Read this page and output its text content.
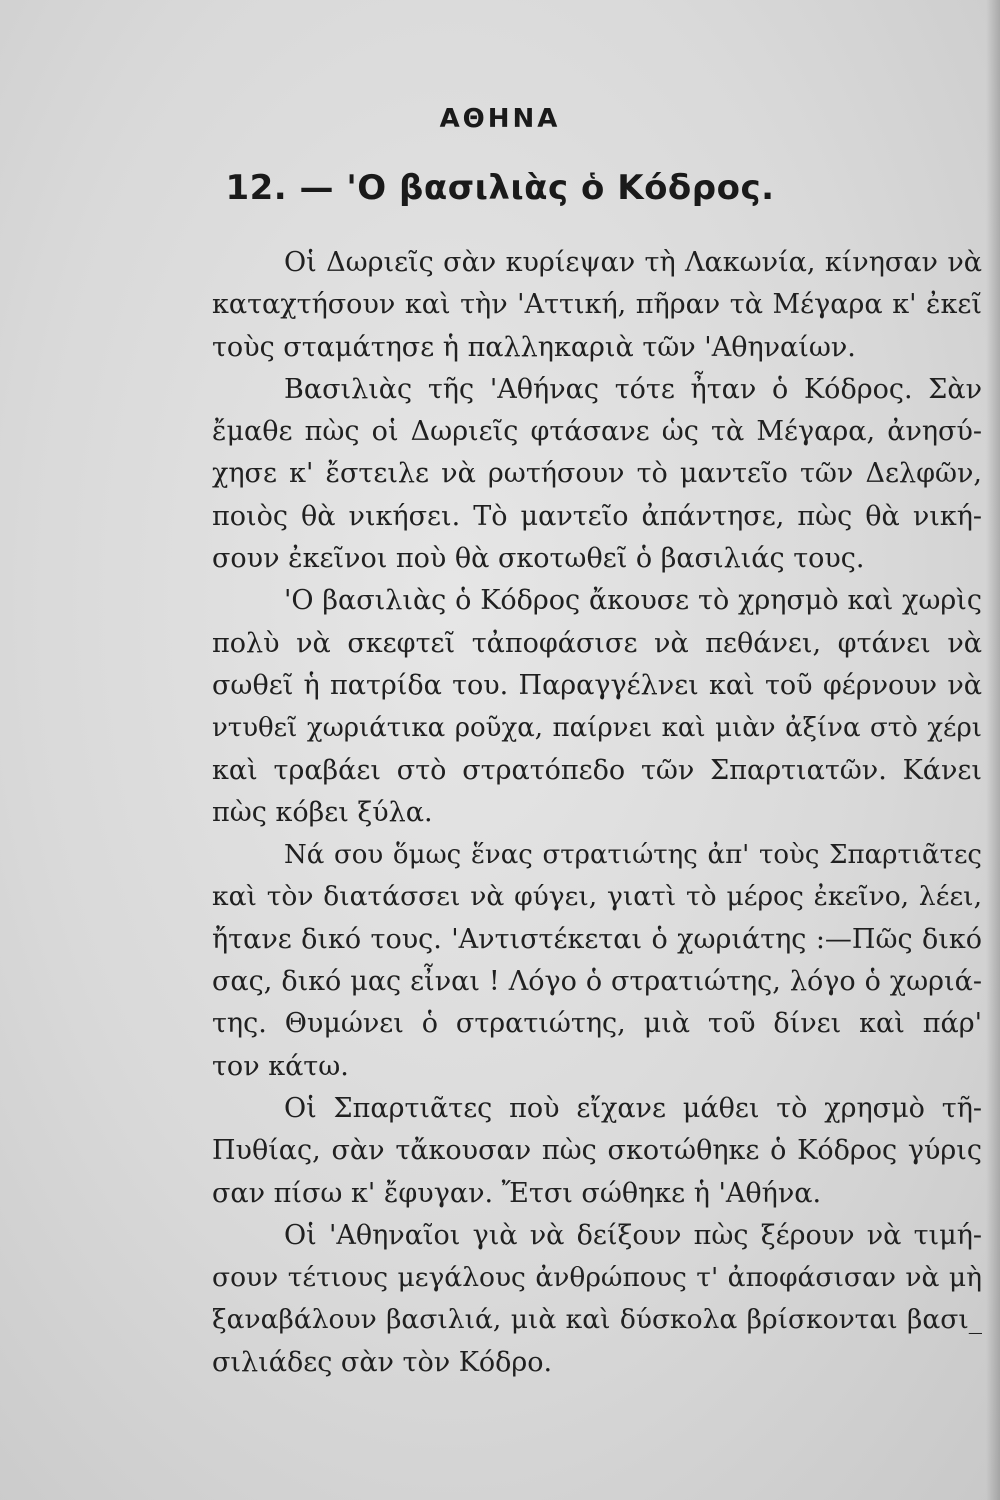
ΑΘΗΝΑ
12. — 'Ο βασιλιὰς ὁ Κόδρος.
Οἱ Δωριεῖς σὰν κυρίεψαν τὴ Λακωνία, κίνησαν νὰ
καταχτήσουν καὶ τὴν 'Αττική, πῆραν τὰ Μέγαρα κ' ἐκεῖ
τοὺς σταμάτησε ἡ παλληκαριὰ τῶν 'Αθηναίων.
Βασιλιὰς τῆς 'Αθήνας τότε ἦταν ὁ Κόδρος. Σὰν
ἔμαθε πὼς οἱ Δωριεῖς φτάσανε ὡς τὰ Μέγαρα, ἀνησύ-
χησε κ' ἔστειλε νὰ ρωτήσουν τὸ μαντεῖο τῶν Δελφῶν,
ποιὸς θὰ νικήσει. Τὸ μαντεῖο ἀπάντησε, πὼς θὰ νική-
σουν ἐκεῖνοι ποὺ θὰ σκοτωθεῖ ὁ βασιλιάς τους.
'Ο βασιλιὰς ὁ Κόδρος ἄκουσε τὸ χρησμὸ καὶ χωρὶς
πολὺ νὰ σκεφτεῖ τἀποφάσισε νὰ πεθάνει, φτάνει νὰ
σωθεῖ ἡ πατρίδα του. Παραγγέλνει καὶ τοῦ φέρνουν νὰ
ντυθεῖ χωριάτικα ροῦχα, παίρνει καὶ μιὰν ἀξίνα στὸ χέρι
καὶ τραβάει στὸ στρατόπεδο τῶν Σπαρτιατῶν. Κάνει
πὼς κόβει ξύλα.
Νά σου ὅμως ἕνας στρατιώτης ἀπ' τοὺς Σπαρτιᾶτες
καὶ τὸν διατάσσει νὰ φύγει, γιατὶ τὸ μέρος ἐκεῖνο, λέει,
ἤτανε δικό τους. 'Αντιστέκεται ὁ χωριάτης :—Πῶς δικό
σας, δικό μας εἶναι ! Λόγο ὁ στρατιώτης, λόγο ὁ χωριά-
της. Θυμώνει ὁ στρατιώτης, μιὰ τοῦ δίνει καὶ πάρ'
τον κάτω.
Οἱ Σπαρτιᾶτες ποὺ εἴχανε μάθει τὸ χρησμὸ τῆ-
Πυθίας, σὰν τἄκουσαν πὼς σκοτώθηκε ὁ Κόδρος γύρις
σαν πίσω κ' ἔφυγαν. Ἔτσι σώθηκε ἡ 'Αθήνα.
Οἱ 'Αθηναῖοι γιὰ νὰ δείξουν πὼς ξέρουν νὰ τιμή-
σουν τέτιους μεγάλους ἀνθρώπους τ' ἀποφάσισαν νὰ μὴ
ξαναβάλουν βασιλιά, μιὰ καὶ δύσκολα βρίσκονται βασι_
σιλιάδες σὰν τὸν Κόδρο.
